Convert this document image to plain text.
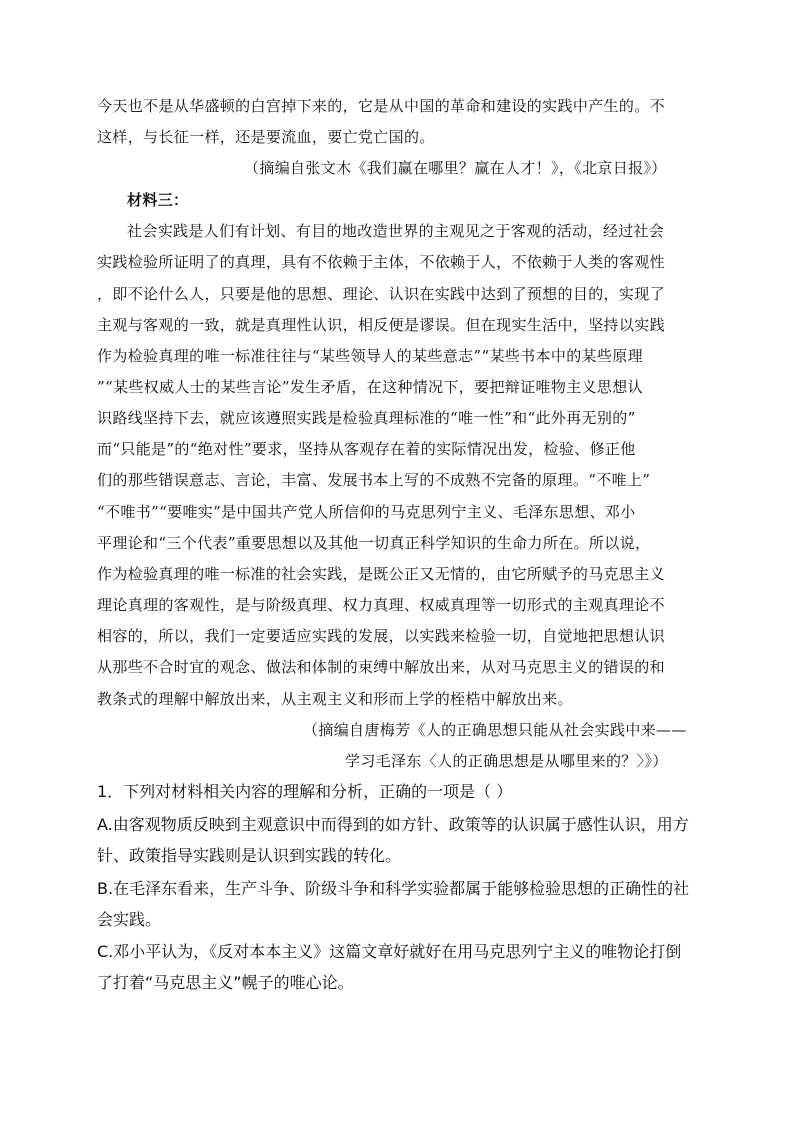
今天也不是从华盛顿的白宫掉下来的，它是从中国的革命和建设的实践中产生的。不
这样，与长征一样，还是要流血，要亡党亡国的。
（摘编自张文木《我们赢在哪里？赢在人才！》，《北京日报》）
材料三：
社会实践是人们有计划、有目的地改造世界的主观见之于客观的活动，经过社会
实践检验所证明了的真理，具有不依赖于主体，不依赖于人，不依赖于人类的客观性
，即不论什么人，只要是他的思想、理论、认识在实践中达到了预想的目的，实现了
主观与客观的一致，就是真理性认识，相反便是谬误。但在现实生活中，坚持以实践
作为检验真理的唯一标准往往与“某些领导人的某些意志”“某些书本中的某些原理
”“某些权威人士的某些言论”发生矛盾，在这种情况下，要把辩证唯物主义思想认
识路线坚持下去，就应该遵照实践是检验真理标准的“唯一性”和“此外再无别的”
而“只能是”的“绝对性”要求，坚持从客观存在着的实际情况出发，检验、修正他
们的那些错误意志、言论，丰富、发展书本上写的不成熟不完备的原理。“不唯上”
“不唯书”“要唯实”是中国共产党人所信仰的马克思列宁主义、毛泽东思想、邓小
平理论和“三个代表”重要思想以及其他一切真正科学知识的生命力所在。所以说，
作为检验真理的唯一标准的社会实践，是既公正又无情的，由它所赋予的马克思主义
理论真理的客观性，是与阶级真理、权力真理、权威真理等一切形式的主观真理论不
相容的，所以，我们一定要适应实践的发展，以实践来检验一切，自觉地把思想认识
从那些不合时宜的观念、做法和体制的束缚中解放出来，从对马克思主义的错误的和
教条式的理解中解放出来，从主观主义和形而上学的桎梏中解放出来。
（摘编自唐梅芳《人的正确思想只能从社会实践中来——
学习毛泽东〈人的正确思想是从哪里来的？〉》）
1．下列对材料相关内容的理解和分析，正确的一项是（ ）
A.由客观物质反映到主观意识中而得到的如方针、政策等的认识属于感性认识，用方
针、政策指导实践则是认识到实践的转化。
B.在毛泽东看来，生产斗争、阶级斗争和科学实验都属于能够检验思想的正确性的社
会实践。
C.邓小平认为，《反对本本主义》这篇文章好就好在用马克思列宁主义的唯物论打倒
了打着“马克思主义”幌子的唯心论。
